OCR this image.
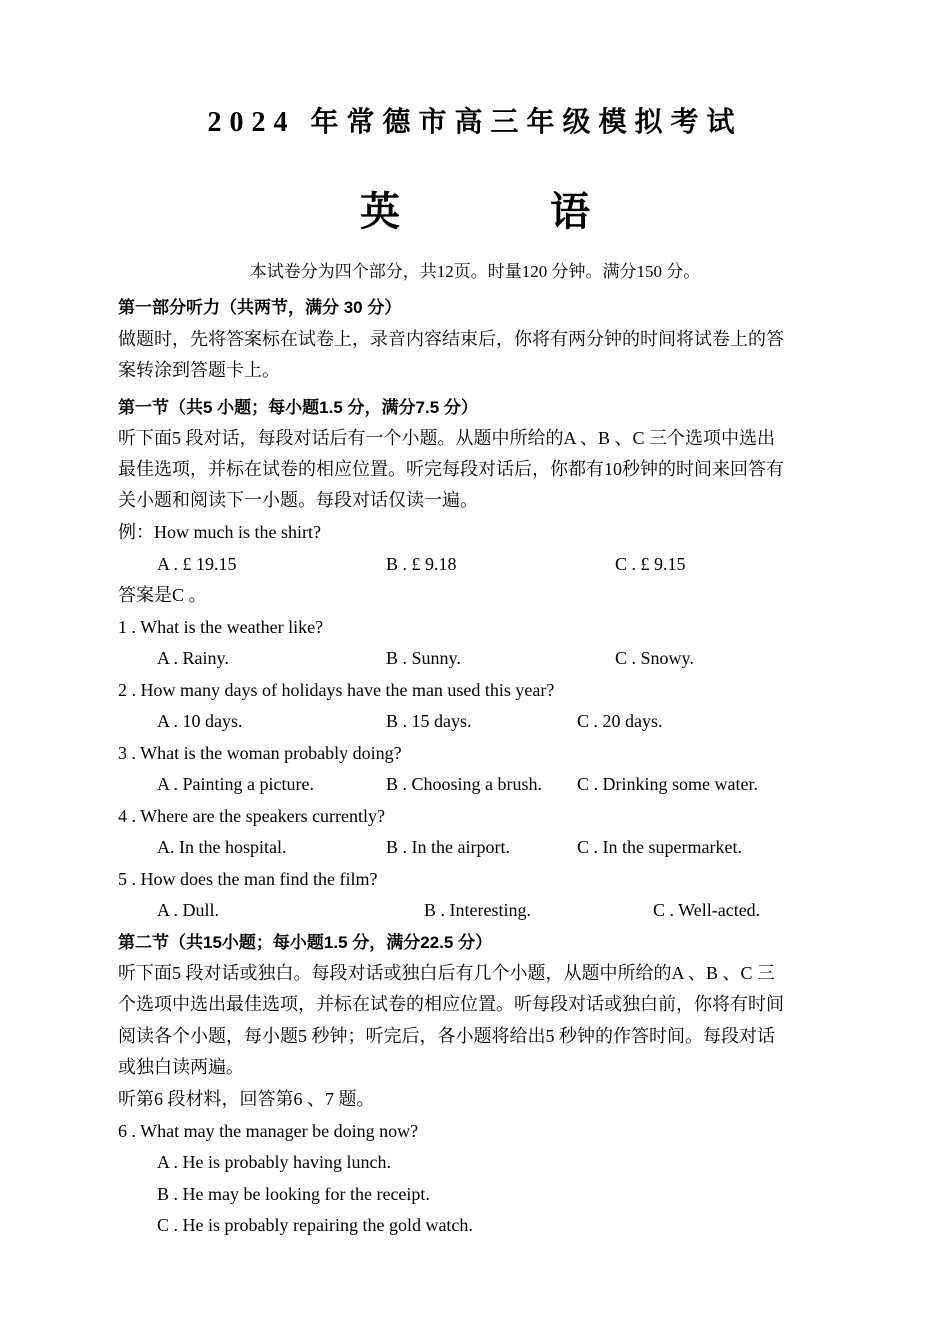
2024 年常德市高三年级模拟考试
英 语
本试卷分为四个部分，共12页。时量120 分钟。满分150 分。
第一部分听力（共两节，满分 30 分）
做题时，先将答案标在试卷上，录音内容结束后，你将有两分钟的时间将试卷上的答
案转涂到答题卡上。
第一节（共5 小题；每小题1.5 分，满分7.5 分）
听下面5 段对话，每段对话后有一个小题。从题中所给的A 、B 、C 三个选项中选出
最佳选项，并标在试卷的相应位置。听完每段对话后，你都有10秒钟的时间来回答有
关小题和阅读下一小题。每段对话仅读一遍。
例：How much is the shirt?
A . £ 19.15	B . £ 9.18	C . £ 9.15
答案是C 。
1 . What is the weather like?
A . Rainy.	B . Sunny.	C . Snowy.
2 . How many days of holidays have the man used this year?
A . 10 days.	B . 15 days.	C . 20 days.
3 . What is the woman probably doing?
A . Painting a picture.	B . Choosing a brush. C . Drinking some water.
4 . Where are the speakers currently?
A. In the hospital.	B . In the airport.	C . In the supermarket.
5 . How does the man find the film?
A . Dull.	B . Interesting.	C . Well-acted.
第二节（共15小题；每小题1.5 分，满分22.5 分）
听下面5 段对话或独白。每段对话或独白后有几个小题，从题中所给的A 、B 、C 三
个选项中选出最佳选项，并标在试卷的相应位置。听每段对话或独白前，你将有时间
阅读各个小题，每小题5 秒钟；听完后，各小题将给出5 秒钟的作答时间。每段对话
或独白读两遍。
听第6 段材料，回答第6 、7 题。
6 . What may the manager be doing now?
A . He is probably having lunch.
B . He may be looking for the receipt.
C . He is probably repairing the gold watch.
